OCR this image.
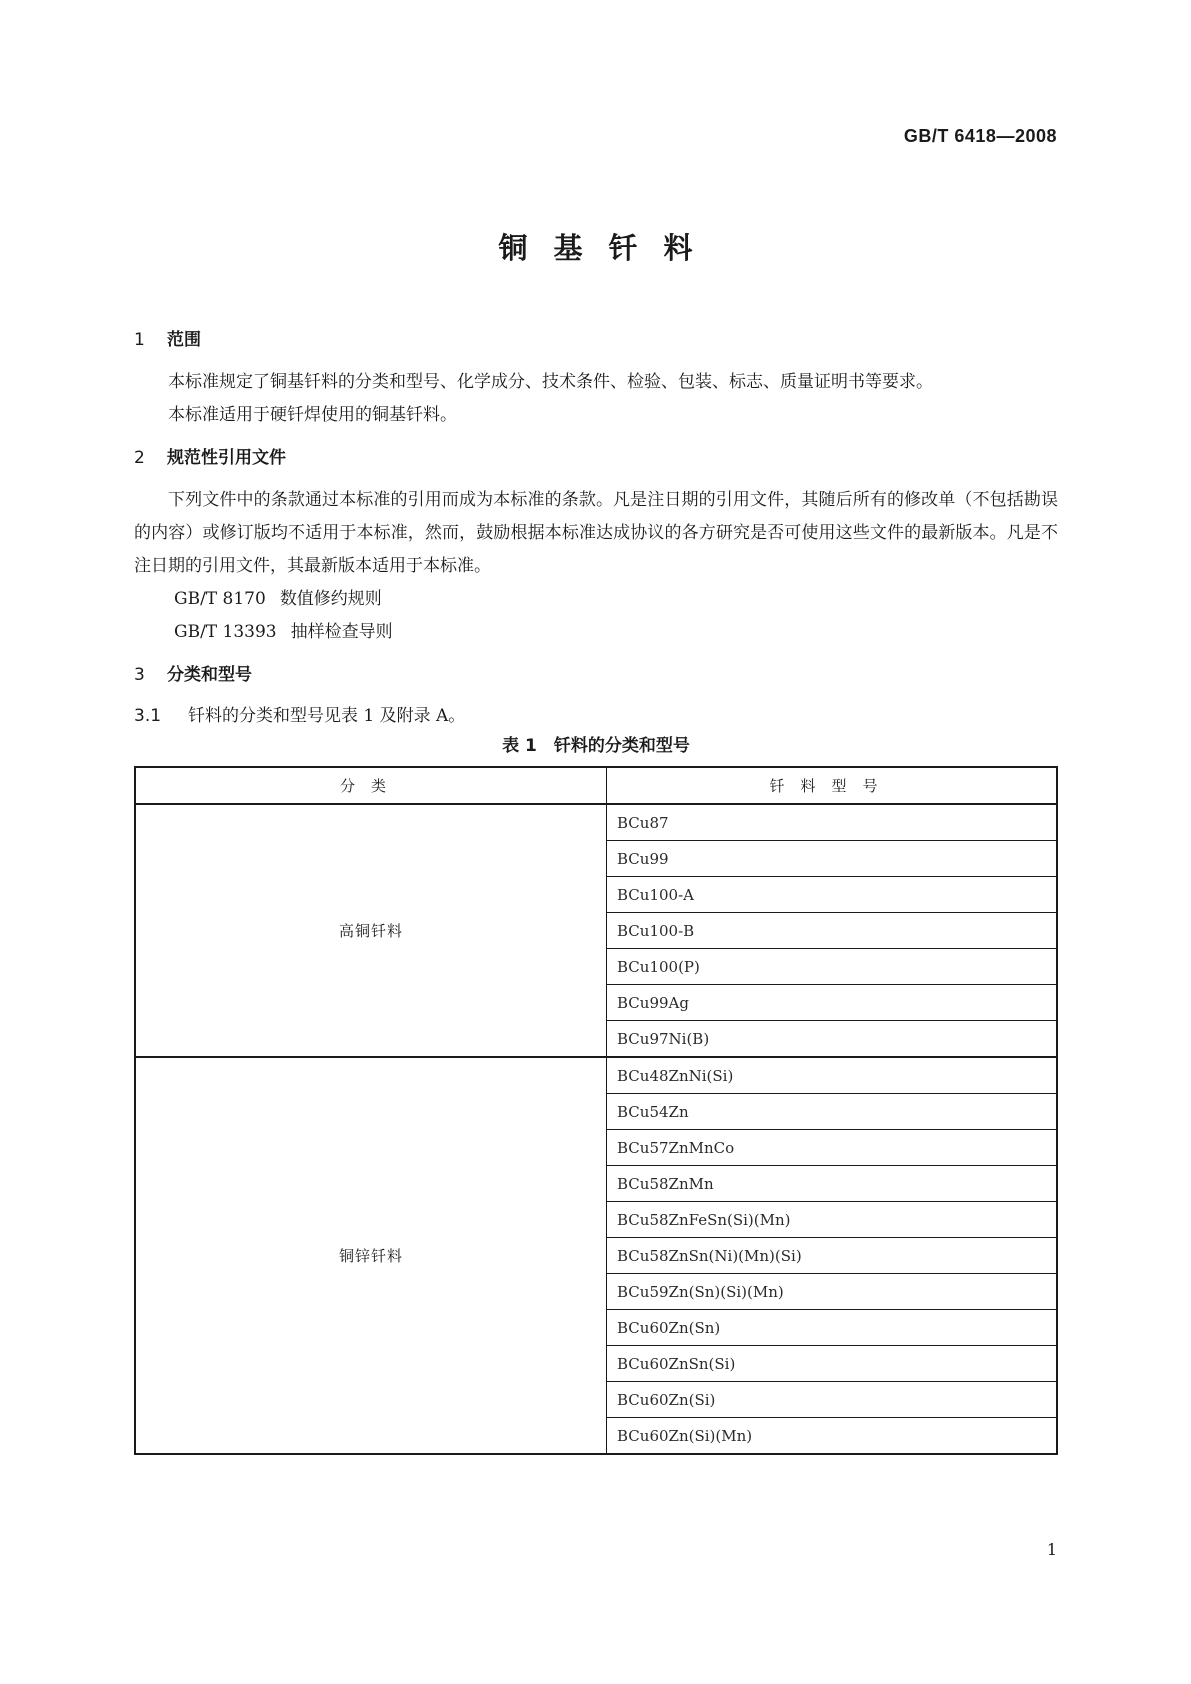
GB/T 6418—2008
铜基钎料
1 范围

本标准规定了铜基钎料的分类和型号、化学成分、技术条件、检验、包装、标志、质量证明书等要求。

本标准适用于硬钎焊使用的铜基钎料。

2 规范性引用文件

下列文件中的条款通过本标准的引用而成为本标准的条款。凡是注日期的引用文件，其随后所有的修改单（不包括勘误的内容）或修订版均不适用于本标准，然而，鼓励根据本标准达成协议的各方研究是否可使用这些文件的最新版本。凡是不注日期的引用文件，其最新版本适用于本标准。

GB/T 8170 数值修约规则

GB/T 13393 抽样检查导则

3 分类和型号

3.1 钎料的分类和型号见表 1 及附录 A。

表 1　钎料的分类和型号

分类	钎料型号
高铜钎料	BCu87
	BCu99
	BCu100-A
	BCu100-B
	BCu100(P)
	BCu99Ag
	BCu97Ni(B)
铜锌钎料	BCu48ZnNi(Si)
	BCu54Zn
	BCu57ZnMnCo
	BCu58ZnMn
	BCu58ZnFeSn(Si)(Mn)
	BCu58ZnSn(Ni)(Mn)(Si)
	BCu59Zn(Sn)(Si)(Mn)
	BCu60Zn(Sn)
	BCu60ZnSn(Si)
	BCu60Zn(Si)
	BCu60Zn(Si)(Mn)
1
